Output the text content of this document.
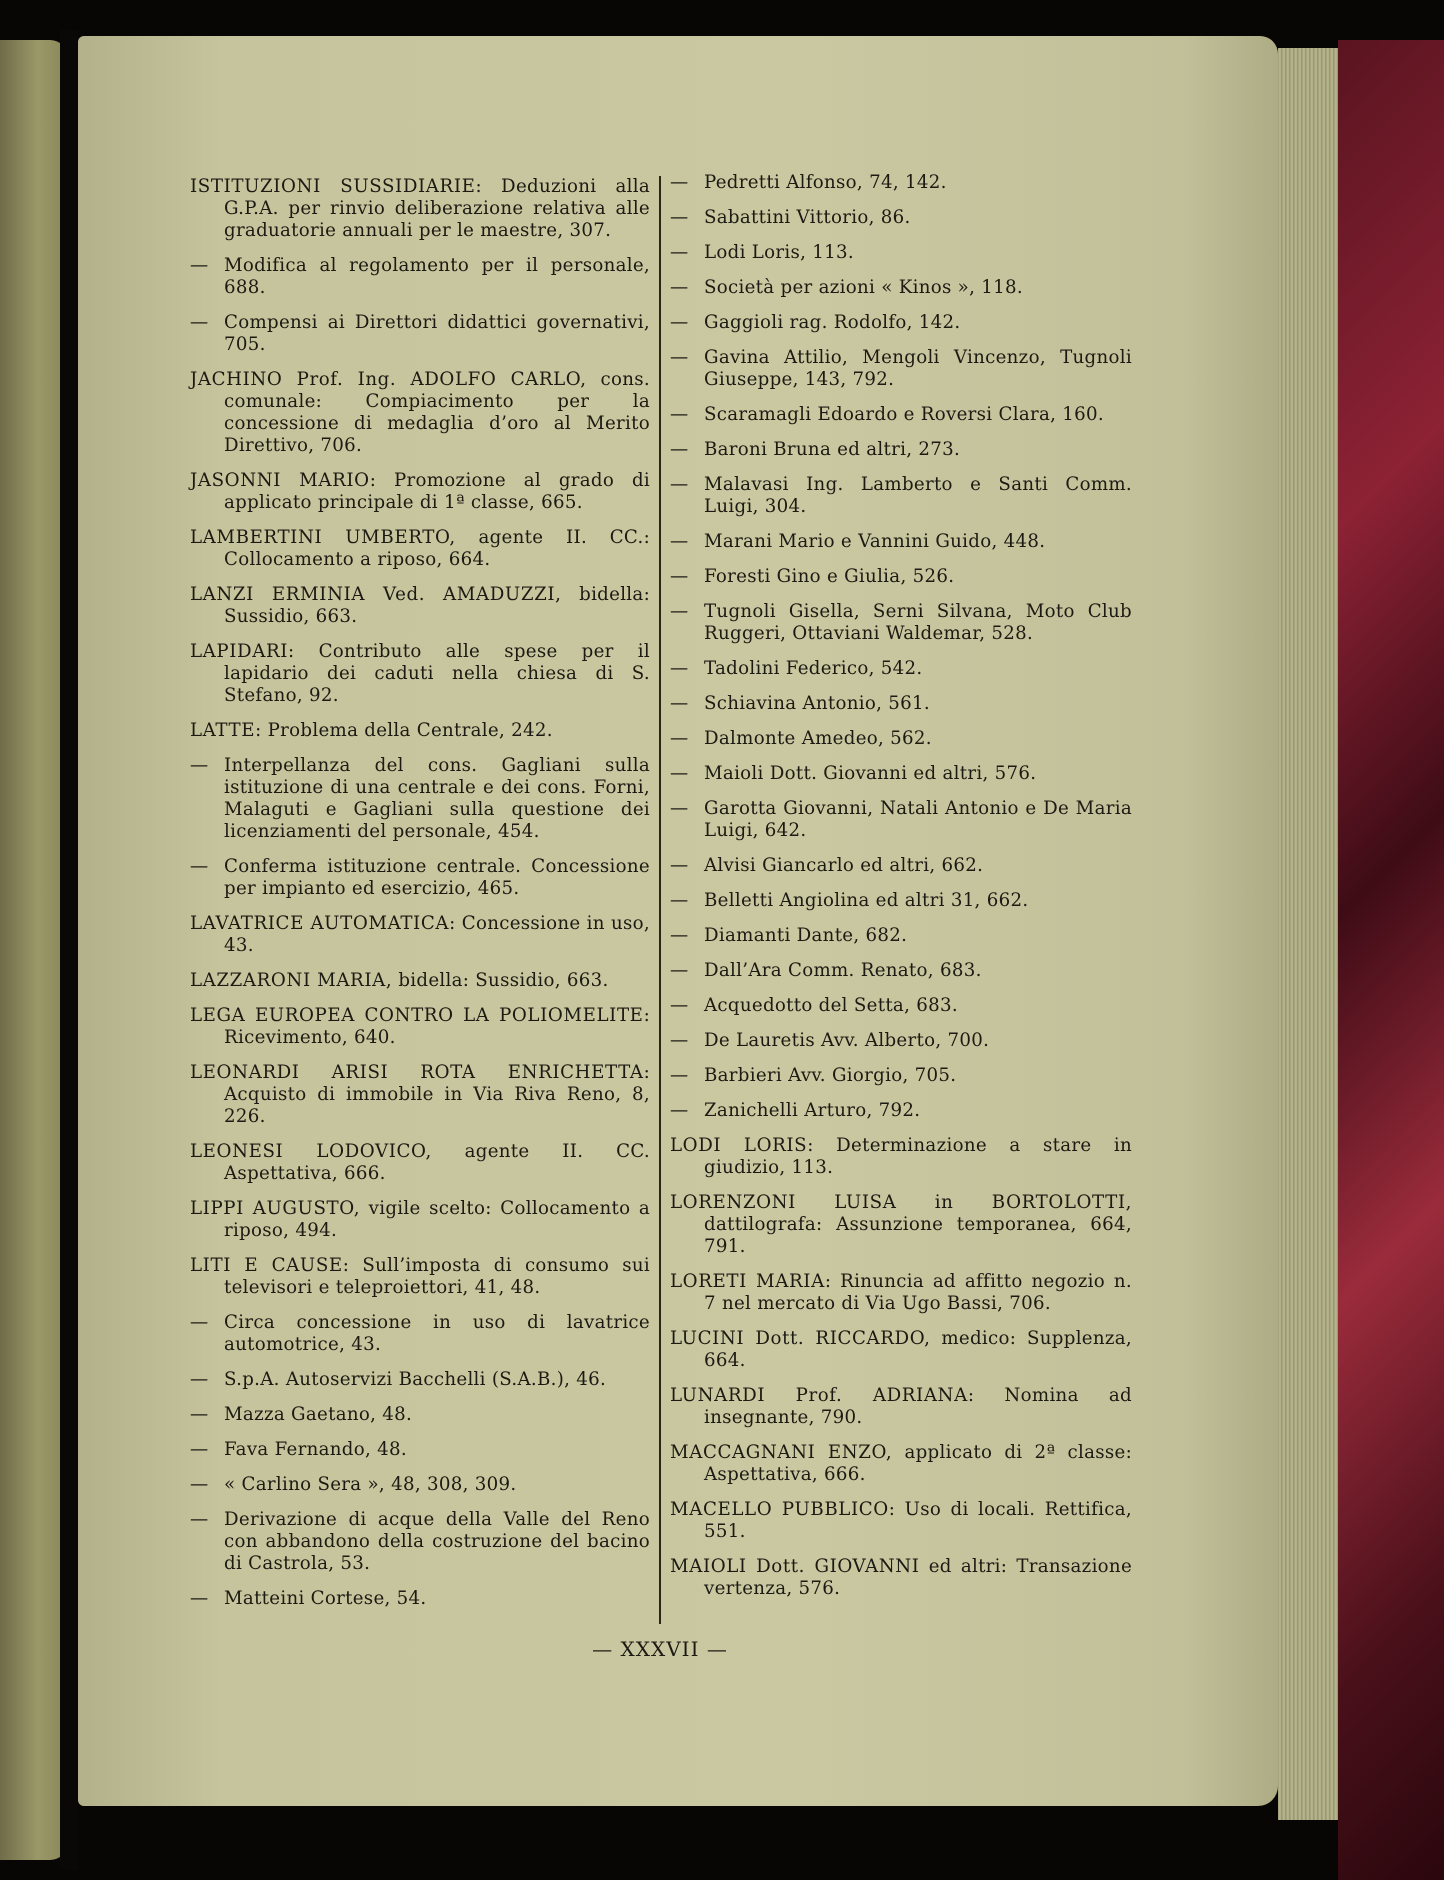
ISTITUZIONI SUSSIDIARIE: Deduzioni alla G.P.A. per rinvio deliberazione relativa alle graduatorie annuali per le maestre, 307.
— Modifica al regolamento per il personale, 688.
— Compensi ai Direttori didattici governativi, 705.
JACHINO Prof. Ing. ADOLFO CARLO, cons. comunale: Compiacimento per la concessione di medaglia d’oro al Merito Direttivo, 706.
JASONNI MARIO: Promozione al grado di applicato principale di 1ª classe, 665.
LAMBERTINI UMBERTO, agente II. CC.: Collocamento a riposo, 664.
LANZI ERMINIA Ved. AMADUZZI, bidella: Sussidio, 663.
LAPIDARI: Contributo alle spese per il lapidario dei caduti nella chiesa di S. Stefano, 92.
LATTE: Problema della Centrale, 242.
— Interpellanza del cons. Gagliani sulla istituzione di una centrale e dei cons. Forni, Malaguti e Gagliani sulla questione dei licenziamenti del personale, 454.
— Conferma istituzione centrale. Concessione per impianto ed esercizio, 465.
LAVATRICE AUTOMATICA: Concessione in uso, 43.
LAZZARONI MARIA, bidella: Sussidio, 663.
LEGA EUROPEA CONTRO LA POLIOMELITE: Ricevimento, 640.
LEONARDI ARISI ROTA ENRICHETTA: Acquisto di immobile in Via Riva Reno, 8, 226.
LEONESI LODOVICO, agente II. CC. Aspettativa, 666.
LIPPI AUGUSTO, vigile scelto: Collocamento a riposo, 494.
LITI E CAUSE: Sull’imposta di consumo sui televisori e teleproiettori, 41, 48.
— Circa concessione in uso di lavatrice automotrice, 43.
— S.p.A. Autoservizi Bacchelli (S.A.B.), 46.
— Mazza Gaetano, 48.
— Fava Fernando, 48.
— « Carlino Sera », 48, 308, 309.
— Derivazione di acque della Valle del Reno con abbandono della costruzione del bacino di Castrola, 53.
— Matteini Cortese, 54.
— Pedretti Alfonso, 74, 142.
— Sabattini Vittorio, 86.
— Lodi Loris, 113.
— Società per azioni « Kinos », 118.
— Gaggioli rag. Rodolfo, 142.
— Gavina Attilio, Mengoli Vincenzo, Tugnoli Giuseppe, 143, 792.
— Scaramagli Edoardo e Roversi Clara, 160.
— Baroni Bruna ed altri, 273.
— Malavasi Ing. Lamberto e Santi Comm. Luigi, 304.
— Marani Mario e Vannini Guido, 448.
— Foresti Gino e Giulia, 526.
— Tugnoli Gisella, Serni Silvana, Moto Club Ruggeri, Ottaviani Waldemar, 528.
— Tadolini Federico, 542.
— Schiavina Antonio, 561.
— Dalmonte Amedeo, 562.
— Maioli Dott. Giovanni ed altri, 576.
— Garotta Giovanni, Natali Antonio e De Maria Luigi, 642.
— Alvisi Giancarlo ed altri, 662.
— Belletti Angiolina ed altri 31, 662.
— Diamanti Dante, 682.
— Dall’Ara Comm. Renato, 683.
— Acquedotto del Setta, 683.
— De Lauretis Avv. Alberto, 700.
— Barbieri Avv. Giorgio, 705.
— Zanichelli Arturo, 792.
LODI LORIS: Determinazione a stare in giudizio, 113.
LORENZONI LUISA in BORTOLOTTI, dattilografa: Assunzione temporanea, 664, 791.
LORETI MARIA: Rinuncia ad affitto negozio n. 7 nel mercato di Via Ugo Bassi, 706.
LUCINI Dott. RICCARDO, medico: Supplenza, 664.
LUNARDI Prof. ADRIANA: Nomina ad insegnante, 790.
MACCAGNANI ENZO, applicato di 2ª classe: Aspettativa, 666.
MACELLO PUBBLICO: Uso di locali. Rettifica, 551.
MAIOLI Dott. GIOVANNI ed altri: Transazione vertenza, 576.
— XXXVII —
